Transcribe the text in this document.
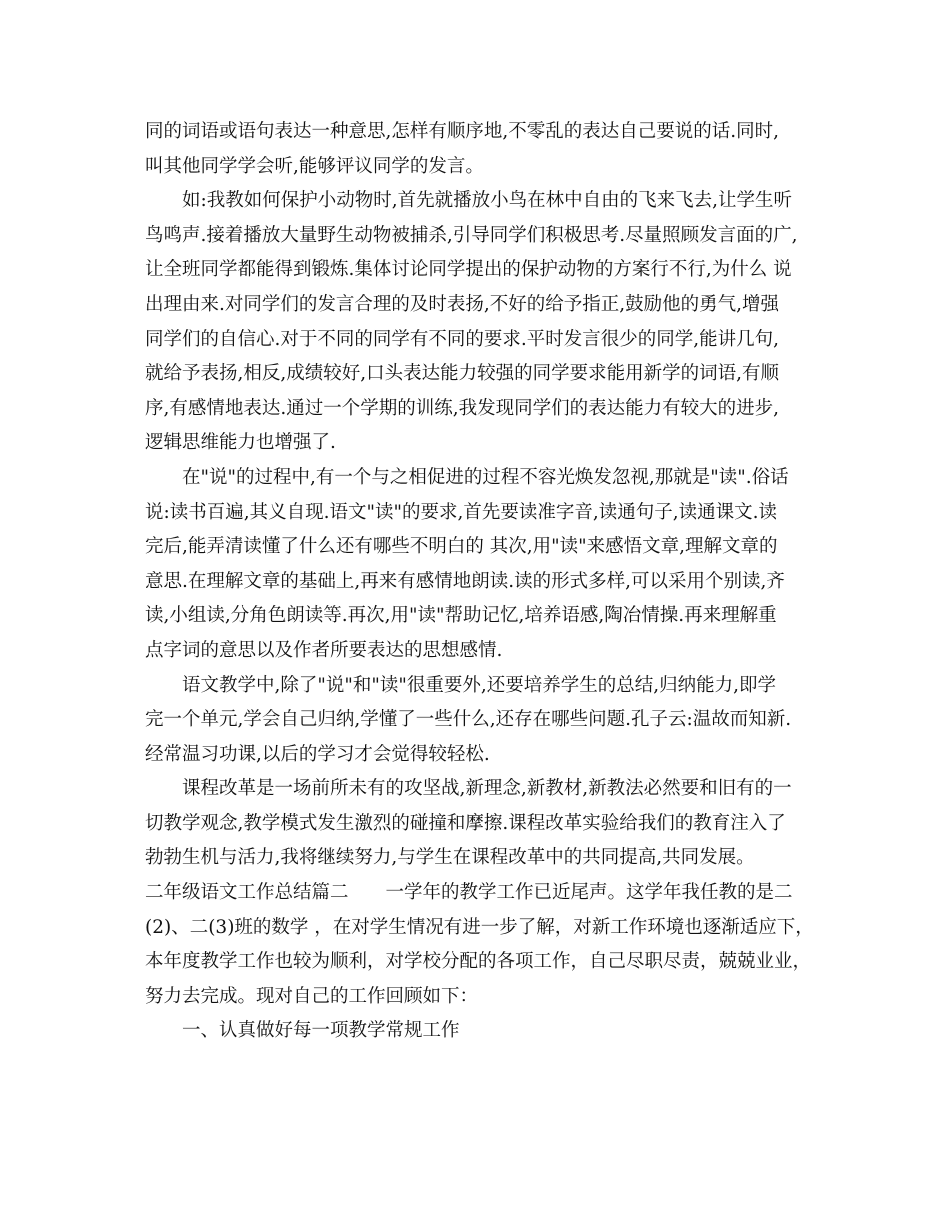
同的词语或语句表达一种意思,怎样有顺序地,不零乱的表达自己要说的话.同时,
叫其他同学学会听,能够评议同学的发言。
如:我教如何保护小动物时,首先就播放小鸟在林中自由的飞来飞去,让学生听
鸟鸣声.接着播放大量野生动物被捕杀,引导同学们积极思考.尽量照顾发言面的广,
让全班同学都能得到锻炼.集体讨论同学提出的保护动物的方案行不行,为什么 说
出理由来.对同学们的发言合理的及时表扬,不好的给予指正,鼓励他的勇气,增强
同学们的自信心.对于不同的同学有不同的要求.平时发言很少的同学,能讲几句,
就给予表扬,相反,成绩较好,口头表达能力较强的同学要求能用新学的词语,有顺
序,有感情地表达.通过一个学期的训练,我发现同学们的表达能力有较大的进步,
逻辑思维能力也增强了.
在"说"的过程中,有一个与之相促进的过程不容光焕发忽视,那就是"读".俗话
说:读书百遍,其义自现.语文"读"的要求,首先要读准字音,读通句子,读通课文.读
完后,能弄清读懂了什么还有哪些不明白的 其次,用"读"来感悟文章,理解文章的
意思.在理解文章的基础上,再来有感情地朗读.读的形式多样,可以采用个别读,齐
读,小组读,分角色朗读等.再次,用"读"帮助记忆,培养语感,陶冶情操.再来理解重
点字词的意思以及作者所要表达的思想感情.
语文教学中,除了"说"和"读"很重要外,还要培养学生的总结,归纳能力,即学
完一个单元,学会自己归纳,学懂了一些什么,还存在哪些问题.孔子云:温故而知新.
经常温习功课,以后的学习才会觉得较轻松.
课程改革是一场前所未有的攻坚战,新理念,新教材,新教法必然要和旧有的一
切教学观念,教学模式发生激烈的碰撞和摩擦.课程改革实验给我们的教育注入了
勃勃生机与活力,我将继续努力,与学生在课程改革中的共同提高,共同发展。
二年级语文工作总结篇二　　一学年的教学工作已近尾声。这学年我任教的是二
(2)、二(3)班的数学 ，在对学生情况有进一步了解，对新工作环境也逐渐适应下，
本年度教学工作也较为顺利，对学校分配的各项工作，自己尽职尽责，兢兢业业，
努力去完成。现对自己的工作回顾如下：
一、认真做好每一项教学常规工作
